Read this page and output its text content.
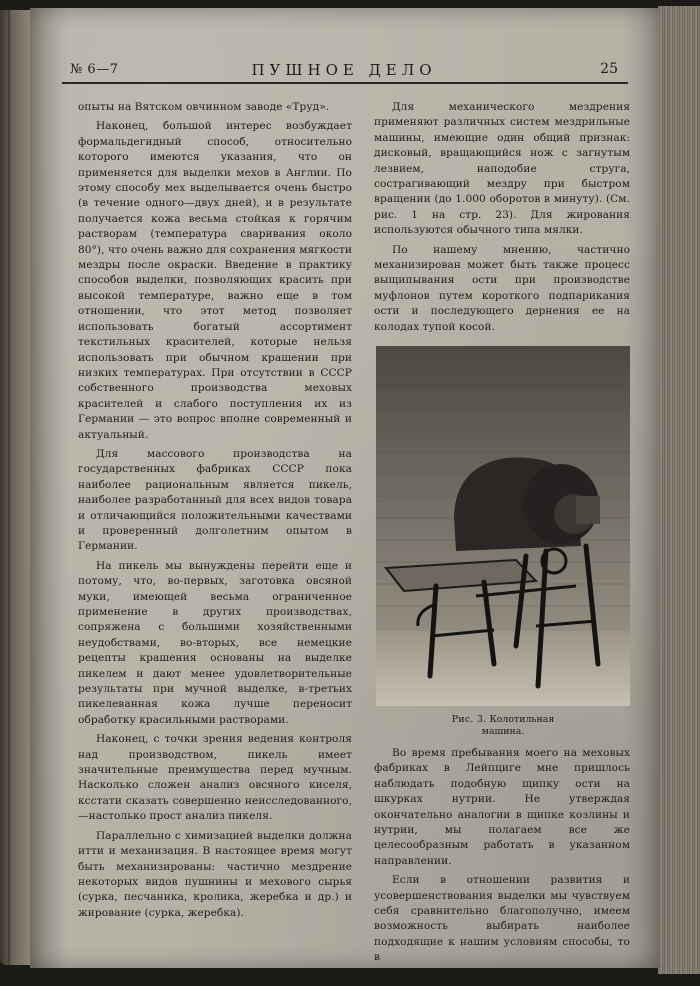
№ 6—7	ПУШНОЕ ДЕЛО	25

опыты на Вятском овчинном заводе «Труд».

Наконец, большой интерес возбуждает формальдегидный способ, относительно которого имеются указания, что он применяется для выделки мехов в Англии. По этому способу мех выделывается очень быстро (в течение одного—двух дней), и в результате получается кожа весьма стойкая к горячим растворам (температура сваривания около 80°), что очень важно для сохранения мягкости мездры после окраски. Введение в практику способов выделки, позволяющих красить при высокой температуре, важно еще в том отношении, что этот метод позволяет использовать богатый ассортимент текстильных красителей, которые нельзя использовать при обычном крашении при низких температурах. При отсутствии в СССР собственного производства меховых красителей и слабого поступления их из Германии — это вопрос вполне современный и актуальный.

Для массового производства на государственных фабриках СССР пока наиболее рациональным является пикель, наиболее разработанный для всех видов товара и отличающийся положительными качествами и проверенный долголетним опытом в Германии.

На пикель мы вынуждены перейти еще и потому, что, во-первых, заготовка овсяной муки, имеющей весьма ограниченное применение в других производствах, сопряжена с большими хозяйственными неудобствами, во-вторых, все немецкие рецепты крашения основаны на выделке пикелем и дают менее удовлетворительные результаты при мучной выделке, в-третьих пикелеванная кожа лучше переносит обработку красильными растворами.

Наконец, с точки зрения ведения контроля над производством, пикель имеет значительные преимущества перед мучным. Насколько сложен анализ овсяного киселя, ксстати сказать совершенно неисследованного,—настолько прост анализ пикеля.

Параллельно с химизацией выделки должна итти и механизация. В настоящее время могут быть механизированы: частично мездрение некоторых видов пушнины и мехового сырья (сурка, песчаника, кролика, жеребка и др.) и жирование (сурка, жеребка).

Для механического мездрения применяют различных систем мездрильные машины, имеющие один общий признак: дисковый, вращающийся нож с загнутым лезвием, наподобие струга, сострагивающий мездру при быстром вращении (до 1.000 оборотов в минуту). (См. рис. 1 на стр. 23). Для жирования используются обычного типа мялки.

По нашему мнению, частично механизирован может быть также процесс выщипывания ости при производстве муфлонов путем короткого подпарикания ости и последующего дернения ее на колодах тупой косой.

Рис. 3. Колотильная
машина.

Во время пребывания моего на меховых фабриках в Лейпциге мне пришлось наблюдать подобную щипку ости на шкурках нутрии. Не утверждая окончательно аналогии в щипке козлины и нутрии, мы полагаем все же целесообразным работать в указанном направлении.

Если в отношении развития и усовершенствования выделки мы чувствуем себя сравнительно благополучно, имеем возможность выбирать наиболее подходящие к нашим условиям способы, то в
